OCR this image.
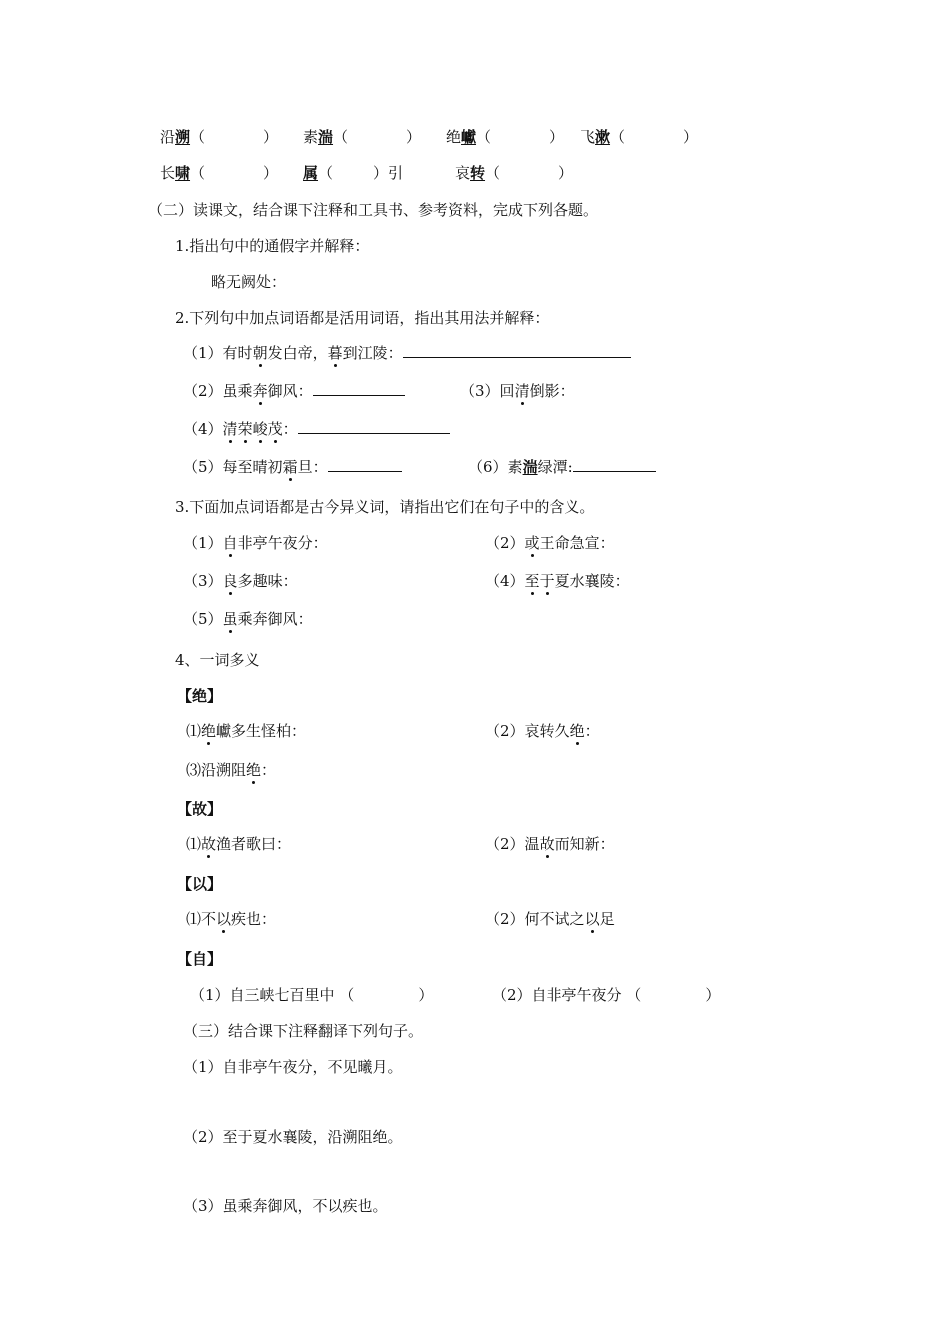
沿溯（	） 素湍（	） 绝巘（	） 飞漱（	）
长啸（	） 属（	）引	哀转（	）
（二）读课文，结合课下注释和工具书、参考资料，完成下列各题。
1.指出句中的通假字并解释：
略无阙处：
2.下列句中加点词语都是活用词语，指出其用法并解释：
（1）有时朝发白帝，暮到江陵：
（2）虽乘奔御风：	（3）回清倒影：
（4）清荣峻茂：
（5）每至晴初霜旦：	（6）素湍绿潭:
3.下面加点词语都是古今异义词，请指出它们在句子中的含义。
（1）自非亭午夜分：	（2）或王命急宣：
（3）良多趣味：	（4）至于夏水襄陵：
（5）虽乘奔御风：
4、一词多义
【绝】
⑴绝巘多生怪柏：	（2）哀转久绝：
⑶沿溯阻绝：
【故】
⑴故渔者歌曰：	（2）温故而知新：
【以】
⑴不以疾也：	（2）何不试之以足
【自】
（1）自三峡七百里中 （	）	（2）自非亭午夜分 （	）
（三）结合课下注释翻译下列句子。
（1）自非亭午夜分，不见曦月。
（2）至于夏水襄陵，沿溯阻绝。
（3）虽乘奔御风，不以疾也。
